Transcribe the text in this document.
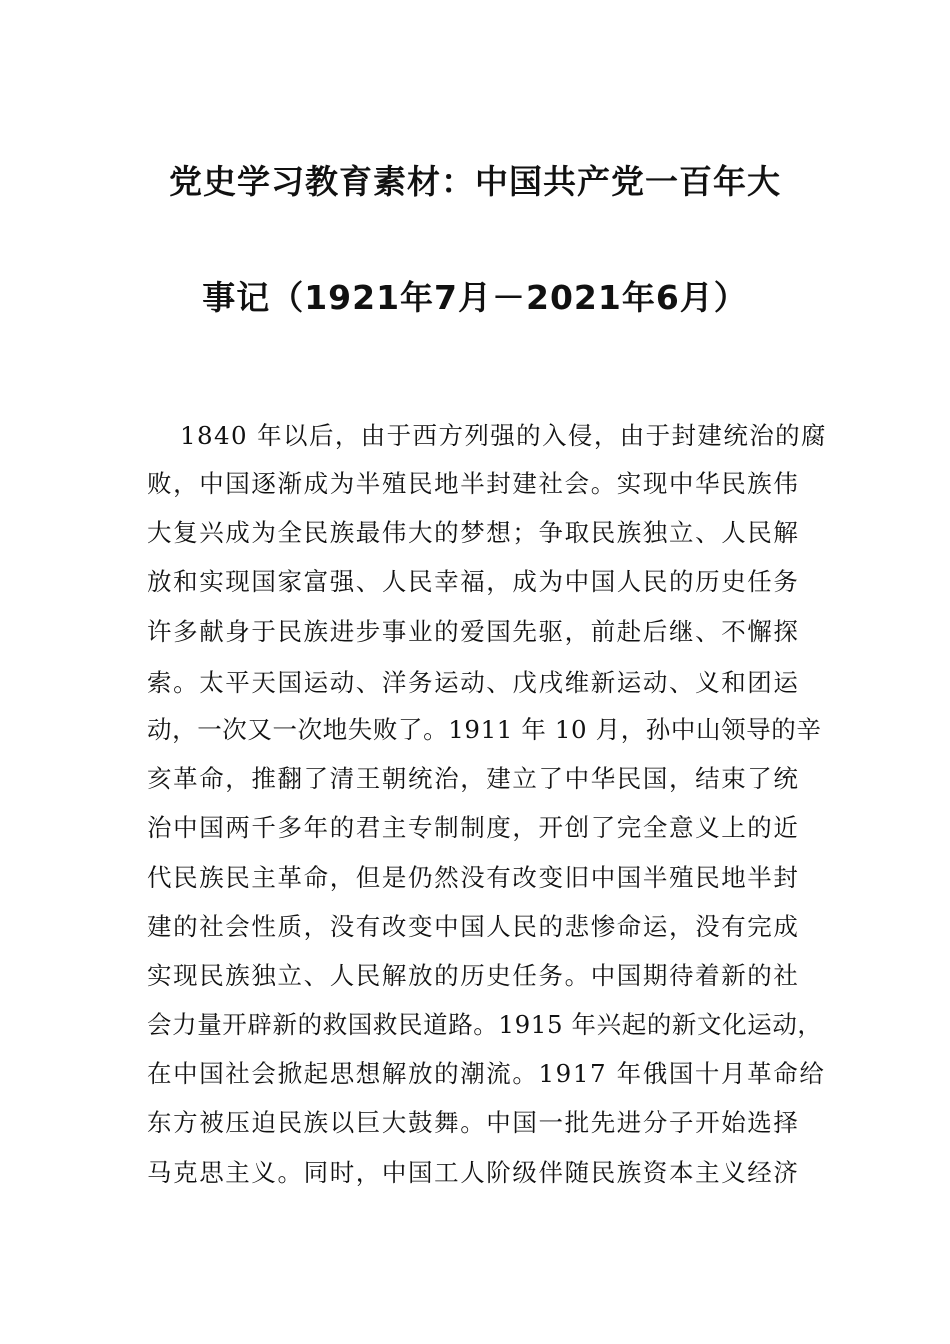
党史学习教育素材：中国共产党一百年大
事记（1921年7月－2021年6月）

1840 年以后，由于西方列强的入侵，由于封建统治的腐

败，中国逐渐成为半殖民地半封建社会。实现中华民族伟

大复兴成为全民族最伟大的梦想；争取民族独立、人民解

放和实现国家富强、人民幸福，成为中国人民的历史任务

许多献身于民族进步事业的爱国先驱，前赴后继、不懈探

索。太平天国运动、洋务运动、戊戌维新运动、义和团运

动，一次又一次地失败了。1911 年 10 月，孙中山领导的辛

亥革命，推翻了清王朝统治，建立了中华民国，结束了统

治中国两千多年的君主专制制度，开创了完全意义上的近

代民族民主革命，但是仍然没有改变旧中国半殖民地半封

建的社会性质，没有改变中国人民的悲惨命运，没有完成

实现民族独立、人民解放的历史任务。中国期待着新的社

会力量开辟新的救国救民道路。1915 年兴起的新文化运动，

在中国社会掀起思想解放的潮流。1917 年俄国十月革命给

东方被压迫民族以巨大鼓舞。中国一批先进分子开始选择

马克思主义。同时，中国工人阶级伴随民族资本主义经济
